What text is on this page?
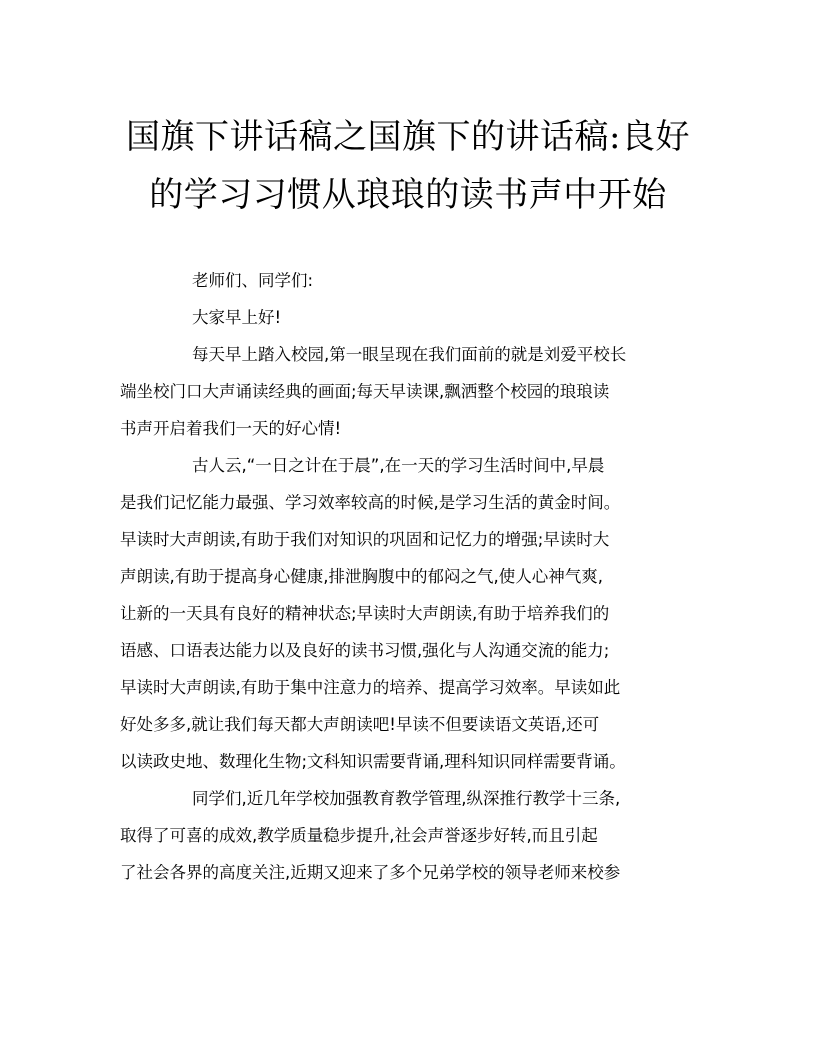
国旗下讲话稿之国旗下的讲话稿:良好
的学习习惯从琅琅的读书声中开始

老师们、同学们:

大家早上好!

每天早上踏入校园,第一眼呈现在我们面前的就是刘爱平校长
端坐校门口大声诵读经典的画面;每天早读课,飘洒整个校园的琅琅读
书声开启着我们一天的好心情!

古人云,“一日之计在于晨”,在一天的学习生活时间中,早晨
是我们记忆能力最强、学习效率较高的时候,是学习生活的黄金时间。
早读时大声朗读,有助于我们对知识的巩固和记忆力的增强;早读时大
声朗读,有助于提高身心健康,排泄胸腹中的郁闷之气,使人心神气爽,
让新的一天具有良好的精神状态;早读时大声朗读,有助于培养我们的
语感、口语表达能力以及良好的读书习惯,强化与人沟通交流的能力;
早读时大声朗读,有助于集中注意力的培养、提高学习效率。早读如此
好处多多,就让我们每天都大声朗读吧!早读不但要读语文英语,还可
以读政史地、数理化生物;文科知识需要背诵,理科知识同样需要背诵。

同学们,近几年学校加强教育教学管理,纵深推行教学十三条,
取得了可喜的成效,教学质量稳步提升,社会声誉逐步好转,而且引起
了社会各界的高度关注,近期又迎来了多个兄弟学校的领导老师来校参
